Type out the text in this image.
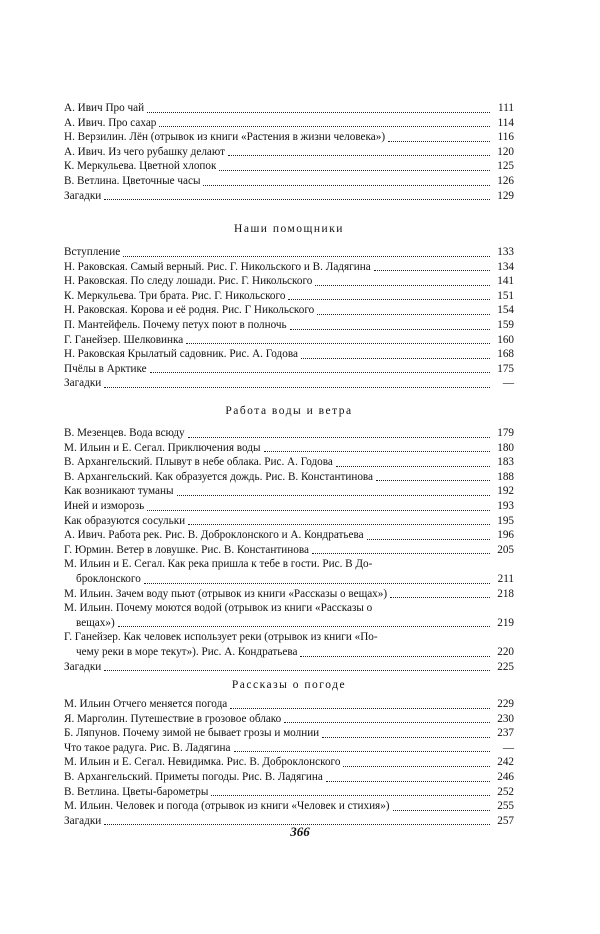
А. Ивич Про чай	111
А. Ивич. Про сахар	114
Н. Верзилин. Лён (отрывок из книги «Растения в жизни человека»)	116
А. Ивич. Из чего рубашку делают	120
К. Меркульева. Цветной хлопок	125
В. Ветлина. Цветочные часы	126
Загадки	129
Наши помощники
Вступление	133
Н. Раковская. Самый верный. Рис. Г. Никольского и В. Ладягина	134
Н. Раковская. По следу лошади. Рис. Г. Никольского	141
К. Меркульева. Три брата. Рис. Г. Никольского	151
Н. Раковская. Корова и её родня. Рис. Г Никольского	154
П. Мантейфель. Почему петух поют в полночь	159
Г. Ганейзер. Шелковинка	160
Н. Раковская Крылатый садовник. Рис. А. Годова	168
Пчёлы в Арктике	175
Загадки	—
Работа воды и ветра
В. Мезенцев. Вода всюду	179
М. Ильин и Е. Сегал. Приключения воды	180
В. Архангельский. Плывут в небе облака. Рис. А. Годова	183
В. Архангельский. Как образуется дождь. Рис. В. Константинова	188
Как возникают туманы	192
Иней и изморозь	193
Как образуются сосульки	195
А. Ивич. Работа рек. Рис. В. Доброклонского и А. Кондратьева	196
Г. Юрмин. Ветер в ловушке. Рис. В. Константинова	205
М. Ильин и Е. Сегал. Как река пришла к тебе в гости. Рис. В До-
броклонского	211
М. Ильин. Зачем воду пьют (отрывок из книги «Рассказы о вещах»)	218
М. Ильин. Почему моются водой (отрывок из книги «Рассказы о
вещах»)	219
Г. Ганейзер. Как человек использует реки (отрывок из книги «По-
чему реки в море текут»). Рис. А. Кондратьева	220
Загадки	225
Рассказы о погоде
М. Ильин Отчего меняется погода	229
Я. Марголин. Путешествие в грозовое облако	230
Б. Ляпунов. Почему зимой не бывает грозы и молнии	237
Что такое радуга. Рис. В. Ладягина	—
М. Ильин и Е. Сегал. Невидимка. Рис. В. Доброклонского	242
В. Архангельский. Приметы погоды. Рис. В. Ладягина	246
В. Ветлина. Цветы-барометры	252
М. Ильин. Человек и погода (отрывок из книги «Человек и стихия»)	255
Загадки	257
366
